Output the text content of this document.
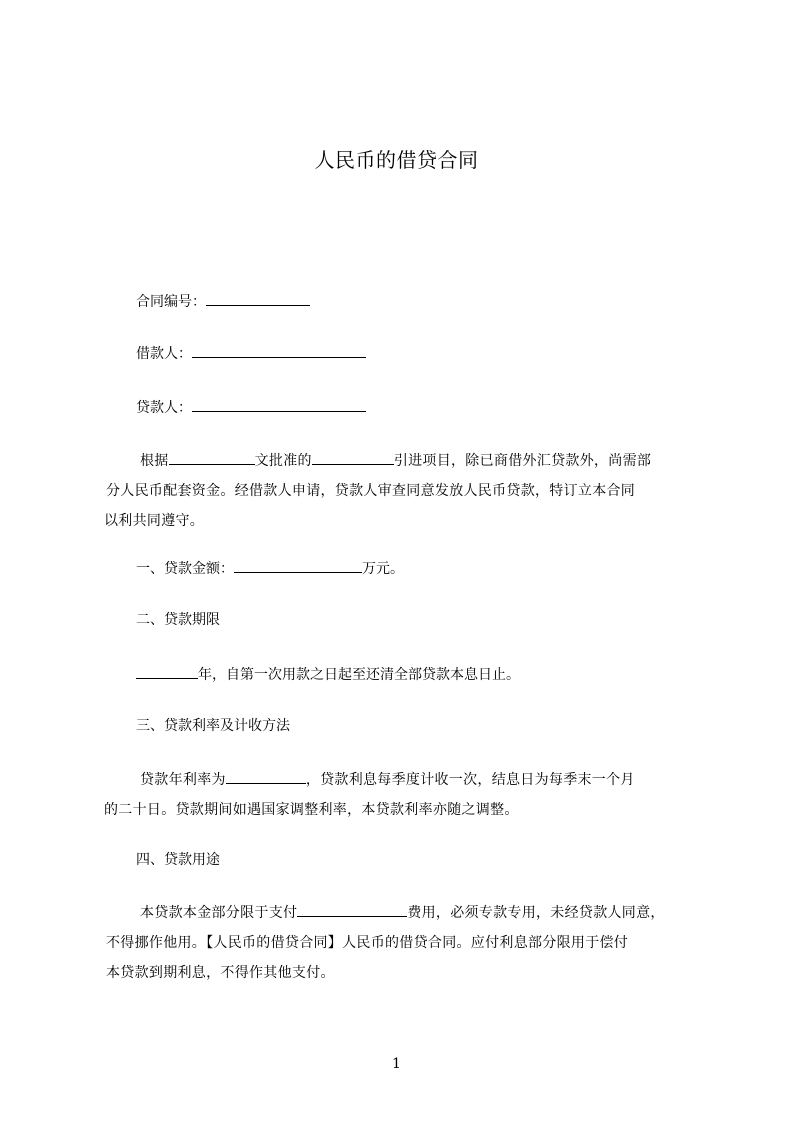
人民币的借贷合同
合同编号：
借款人：
贷款人：
根据	文批准的	引进项目，除已商借外汇贷款外，尚需部
分人民币配套资金。经借款人申请，贷款人审查同意发放人民币贷款，特订立本合同
以利共同遵守。
一、贷款金额：	万元。
二、贷款期限
年，自第一次用款之日起至还清全部贷款本息日止。
三、贷款利率及计收方法
贷款年利率为	，贷款利息每季度计收一次，结息日为每季末一个月
的二十日。贷款期间如遇国家调整利率，本贷款利率亦随之调整。
四、贷款用途
本贷款本金部分限于支付	费用，必须专款专用，未经贷款人同意，
不得挪作他用。【人民币的借贷合同】人民币的借贷合同。应付利息部分限用于偿付
本贷款到期利息，不得作其他支付。
1
